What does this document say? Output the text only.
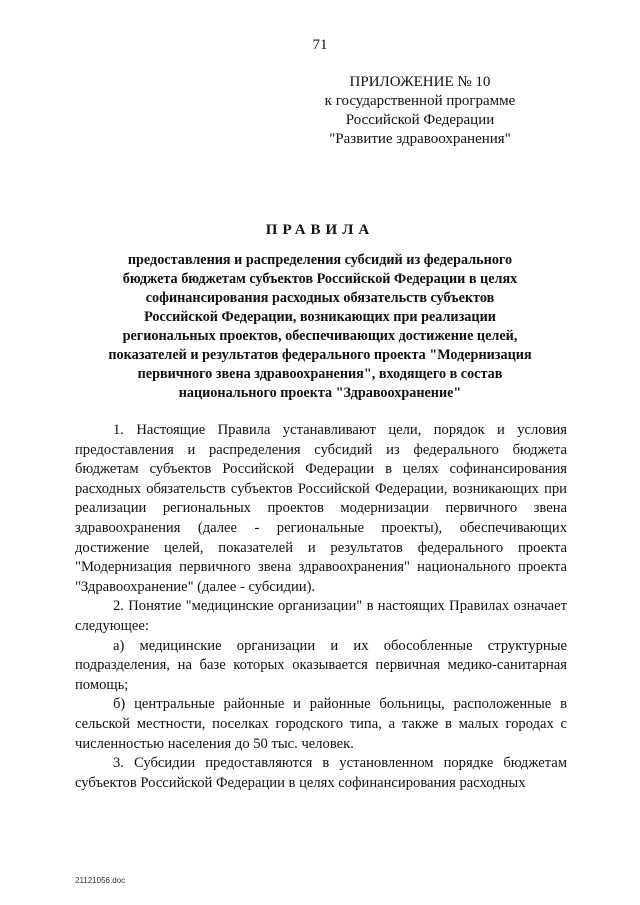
71
ПРИЛОЖЕНИЕ № 10
к государственной программе
Российской Федерации
"Развитие здравоохранения"
ПРАВИЛА
предоставления и распределения субсидий из федерального
бюджета бюджетам субъектов Российской Федерации в целях
софинансирования расходных обязательств субъектов
Российской Федерации, возникающих при реализации
региональных проектов, обеспечивающих достижение целей,
показателей и результатов федерального проекта "Модернизация
первичного звена здравоохранения", входящего в состав
национального проекта "Здравоохранение"

1. Настоящие Правила устанавливают цели, порядок и условия предоставления и распределения субсидий из федерального бюджета бюджетам субъектов Российской Федерации в целях софинансирования расходных обязательств субъектов Российской Федерации, возникающих при реализации региональных проектов модернизации первичного звена здравоохранения (далее - региональные проекты), обеспечивающих достижение целей, показателей и результатов федерального проекта "Модернизация первичного звена здравоохранения" национального проекта "Здравоохранение" (далее - субсидии).

2. Понятие "медицинские организации" в настоящих Правилах означает следующее:

а) медицинские организации и их обособленные структурные подразделения, на базе которых оказывается первичная медико-санитарная помощь;

б) центральные районные и районные больницы, расположенные в сельской местности, поселках городского типа, а также в малых городах с численностью населения до 50 тыс. человек.

3. Субсидии предоставляются в установленном порядке бюджетам субъектов Российской Федерации в целях софинансирования расходных

21121056.doc
